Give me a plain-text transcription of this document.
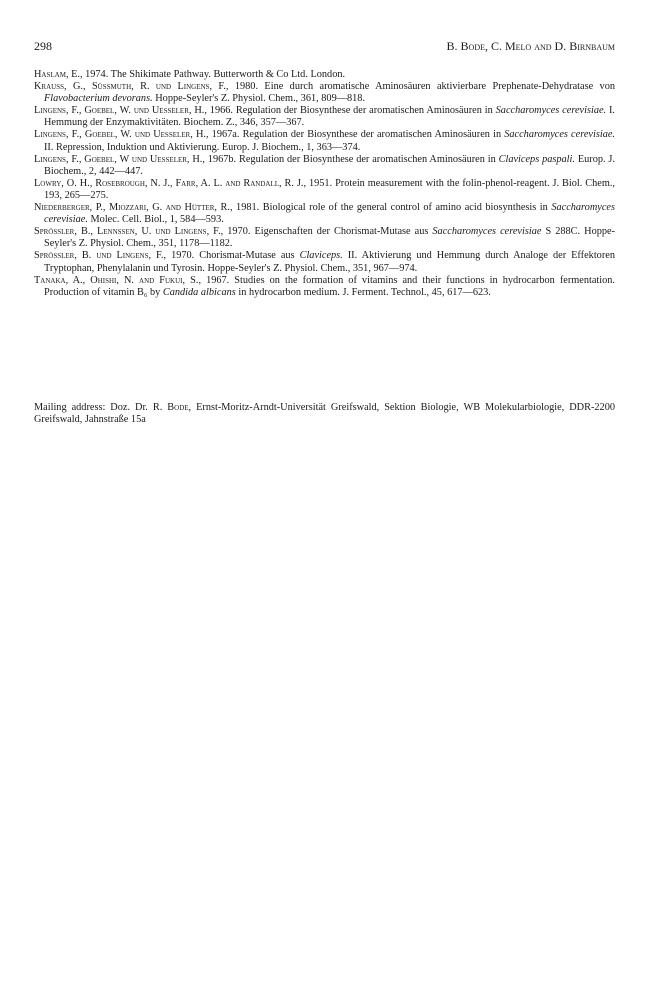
298	B. Bode, C. Melo and D. Birnbaum

Haslam, E., 1974. The Shikimate Pathway. Butterworth & Co Ltd. London.

Krauss, G., Süssmuth, R. und Lingens, F., 1980. Eine durch aromatische Aminosäuren aktivierbare Prephenate-Dehydratase von Flavobacterium devorans. Hoppe-Seyler's Z. Physiol. Chem., 361, 809—818.

Lingens, F., Goebel, W. und Uesseler, H., 1966. Regulation der Biosynthese der aromatischen Aminosäuren in Saccharomyces cerevisiae. I. Hemmung der Enzymaktivitäten. Biochem. Z., 346, 357—367.

Lingens, F., Goebel, W. und Uesseler, H., 1967a. Regulation der Biosynthese der aromatischen Aminosäuren in Saccharomyces cerevisiae. II. Repression, Induktion und Aktivierung. Europ. J. Biochem., 1, 363—374.

Lingens, F., Goebel, W und Uesseler, H., 1967b. Regulation der Biosynthese der aromatischen Aminosäuren in Claviceps paspali. Europ. J. Biochem., 2, 442—447.

Lowry, O. H., Rosebrough, N. J., Farr, A. L. and Randall, R. J., 1951. Protein measurement with the folin-phenol-reagent. J. Biol. Chem., 193, 265—275.

Niederberger, P., Miozzari, G. and Hütter, R., 1981. Biological role of the general control of amino acid biosynthesis in Saccharomyces cerevisiae. Molec. Cell. Biol., 1, 584—593.

Sprössler, B., Lennssen, U. und Lingens, F., 1970. Eigenschaften der Chorismat-Mutase aus Saccharomyces cerevisiae S 288C. Hoppe-Seyler's Z. Physiol. Chem., 351, 1178—1182.

Sprössler, B. und Lingens, F., 1970. Chorismat-Mutase aus Claviceps. II. Aktivierung und Hemmung durch Analoge der Effektoren Tryptophan, Phenylalanin und Tyrosin. Hoppe-Seyler's Z. Physiol. Chem., 351, 967—974.

Tanaka, A., Ohishi, N. and Fukui, S., 1967. Studies on the formation of vitamins and their functions in hydrocarbon fermentation. Production of vitamin B₆ by Candida albicans in hydrocarbon medium. J. Ferment. Technol., 45, 617—623.

Mailing address: Doz. Dr. R. Bode, Ernst-Moritz-Arndt-Universität Greifswald, Sektion Biologie, WB Molekularbiologie, DDR-2200 Greifswald, Jahnstraße 15a
